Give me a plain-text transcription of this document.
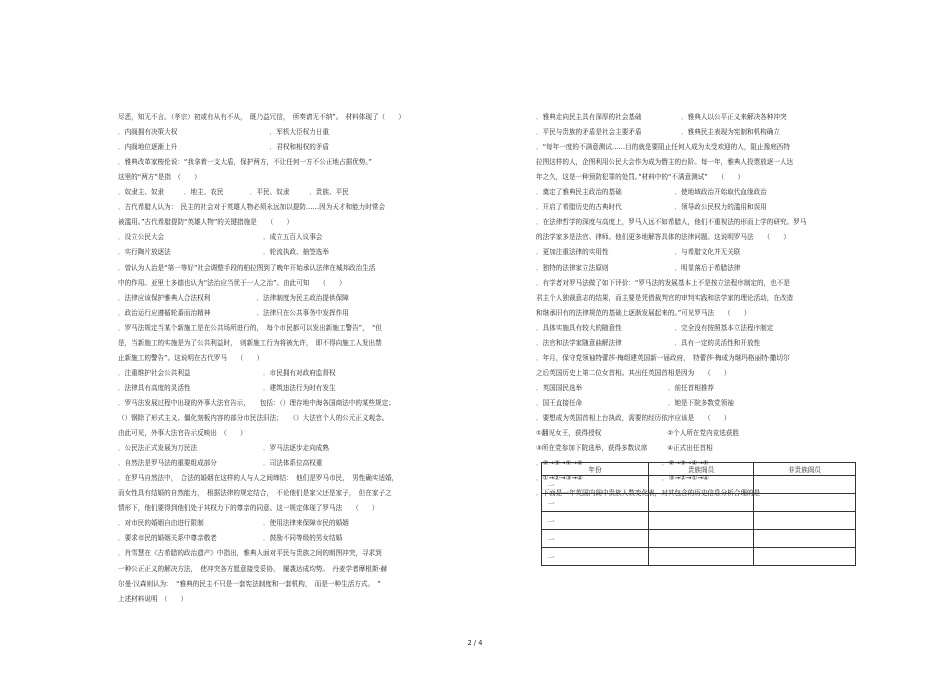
尽恶，知无不言。（孝宗）初或有从有不从，　既乃益冗信，　所奏请无不纳”。　材料体现了（　　）
．内阁拥有决策大权　　　　　　　　　　　　　　．军机大臣权力日重
．内阁地位逐渐上升　　　　　　　　　　　　　　．君权和相权的矛盾
．雅典改革家梭伦说：“我拿着一支大盾，保护两方，不让任何一方不公正地占据优势。”
这里的“两方”是指　（　　）
．奴隶主、奴隶　　　．地主、农民　　　　．平民、奴隶　　　．贵族、平民
．古代希腊人认为：　民主的社会对于英雄人物必须永远加以提防……因为天才和能力时常会
被滥用。”古代希腊提防“英雄人物”的关键措施是　　（　　）
．设立公民大会　　　　　　　　　　　　　　　．成立五百人议事会
．实行陶片放逐法　　　　　　　　　　　　　　．轮流执政、抽签选举
．曾认为人治是“第一等好”社会调整手段的柏拉图到了晚年开始承认法律在城邦政治生活
中的作用。亚里士多德也认为“法治应当优于一人之治”。由此可知　　（　　）
．法律应该保护雅典人合法权利　　　　　　　．法律制度为民主政治提供保障
．政治运行应遵循轮番而治精神　　　　　　　．法律只在公共事务中发挥作用
．罗马法规定当某个新施工是在公共场所进行的，　每个市民都可以发出新施工警告”，　“但
是，当新施工的实施是为了公共利益时，　则新施工行为将被允许，　即不得向施工人发出禁
止新施工的警告”。这说明在古代罗马　　（　　）
．注重维护社会公共利益　　　　　　　　　　　．市民拥有对政府监督权
．法律具有高度的灵活性　　　　　　　　　　　．建筑违法行为时有发生
．罗马法发展过程中出现的外事大法官告示，　　包括：（）理存地中海各国商法中的某些规定；
（）钢除了形式主义、僵化刻板内容的部分市民法旧法；　　（）大法官个人的公元正义观念。
由此可见，外事大法官告示反映出　（　　）
．公民法正式发展为万民法　　　　　　　　　　．罗马法逐步走向成熟
．自然法是罗马法的重要组成部分　　　　　　　．司法体系位高权重
．在罗马自然法中，　合法的婚姻在这样的人与人之间缔结：　他们是罗马市民，　男性确实适婚，
而女性具有结婚的自然能力，　根据法律的规定结合，　不论他们是家父还是家子，　但在家子之
情形下，他们要得到他们处于其权力下的尊亲的同意。这一规定体现了罗马法　　（　　）
．对市民的婚姻自由进行限制　　　　　　　　　．使用法律来保障市民的婚姻
．要求市民的婚姻关系中尊亲敬老　　　　　　　．鼓励不同等级的男女结婚
．肖雪慧在《古希腊的政治遗产》中指出，雅典人面对平民与贵族之间的朗图冲突，寻求到
一种公正正义的解决方法，　使冲突各方愿意接受妥协，　履袭达成均势。　丹麦学者摩根斯·赫
尔曼·汉森则认为：　“雅典的民主不只是一套宪法制度和一套机构，　而是一种生活方式。　”
上述材料说明　（　　）
．雅典走向民主具有深厚的社会基础　　　　　　．雅典人以公平正义来解决各种冲突
．平民与贵族的矛盾是社会主要矛盾　　　　　　．雅典民主表现为宪制和机构确立
．“每年一度的不满意测试……目的就是要阻止任何人成为太受欢迎的人，阻止豫庭西特
拉图这样的人，企图利用公民大会作为成为僭主的台阶。每一年，雅典人投票放逐一人达
年之久，这是一种预防犯罪的处罚。”材料中的“不满意测试”　　（　　）
．奠定了雅典民主政治的基础　　　　　　　　．使地域政治开始取代血缘政治
．开启了希腊历史的古典时代　　　　　　　　．领导政公民权力的滥用和误用
．在法律哲学的深度与高度上，罗马人远不如希腊人，他们不重视法的形而上学的研究。罗马
的法学家多是法官、律师。他们更多地解答具体的法律问题。这说明罗马法　　（　　）
．更加注重法律的实用性　　　　　　　　　　．与希腊文化并无关联
．独特的法律家立法原则　　　　　　　　　　．明显落后于希腊法律
．有学者对罗马法做了如下评价：“罗马法的发展基本上不是按立法程序制定的，也不是
君主个人独裁意志的结果，而主要是凭借裁判官的审判实践和法学家的理论活动，在改造
和继承旧有的法律规范的基础上逐渐发展起来的。”可见罗马法　　（　　）
．具体实施具有较大的随意性　　　　　　　　．完全没有按照基本立法程序制定
．法官和法学家随意曲解法律　　　　　　　　．具有一定的灵活性和开放性
．年月，保守党领袖特蕾莎·梅组建英国新一届政府，　特蕾莎·梅成为继玛格丽特·撒切尔
之后英国历史上第二位女首相。其出任英国首相是因为　　（　　）
．英国国民选举　　　　　　　　　　　　　．前任首相推荐
．国王直接任命　　　　　　　　　　　　　．她是下院多数党领袖
．要想成为英国首相上台执政，需要的经历依序应该是　　（　　）
①翻见女王，获得授权　　　　　　　　　　②个人所在党内竞选获胜
③所在党参加下院选举，获得多数议席　　　④正式出任首相
．②→③→①→④　　　　　　　　　　　　．②→③→④→①
．①→②→③→④　　　　　　　　　　　　．③→②→①→④
．下面是一年英国内阁中贵族人数变化表，对其包含的历史信息分析合理的是
年份	贵族阁员	非贵族阁员
一		
一		
一		
一		
一		
2 / 4
